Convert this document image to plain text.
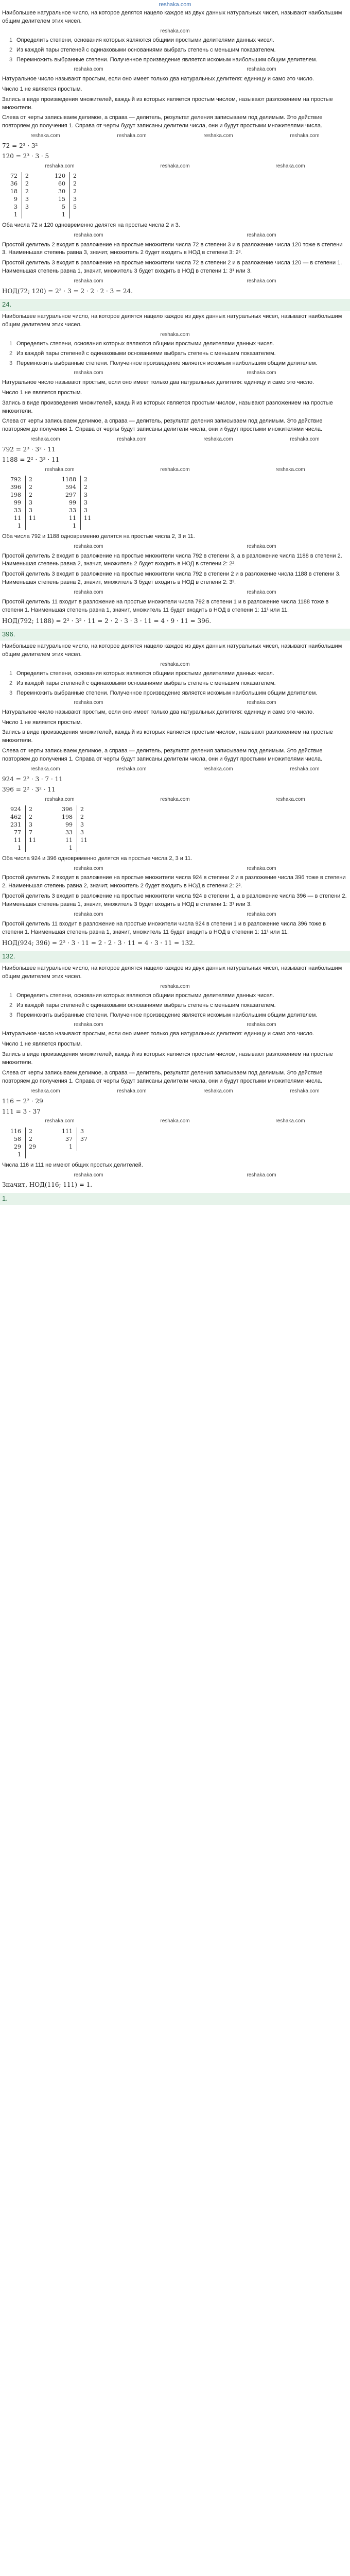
reshaka.com

Наибольшее натуральное число, на которое делятся нацело каждое из двух данных натуральных чисел, называют наибольшим общим делителем этих чисел.

reshaka.com
1 Определить степени, основания которых являются общими простыми делителями данных чисел.
2 Из каждой пары степеней с одинаковыми основаниями выбрать степень с меньшим показателем.
3 Перемножить выбранные степени. Полученное произведение является искомым наибольшим общим делителем.
reshaka.com	reshaka.com

Натуральное число называют простым, если оно имеет только два натуральных делителя: единицу и само это число.

Число 1 не является простым.

Запись в виде произведения множителей, каждый из которых является простым числом, называют разложением на простые множители.

Слева от черты записываем делимое, а справа — делитель, результат деления записываем под делимым. Это действие повторяем до получения 1. Справа от черты будут записаны делители числа, они и будут простыми множителями числа.

reshaka.com	reshaka.com	reshaka.com	reshaka.com
72 = 2³ · 3²
120 = 2³ · 3 · 5
reshaka.com	reshaka.com	reshaka.com
72	2		120	2
36	2		60	2
18	2		30	2
9	3		15	3
3	3		5	5
1			1	

Оба числа 72 и 120 одновременно делятся на простые числа 2 и 3.

reshaka.com	reshaka.com

Простой делитель 2 входит в разложение на простые множители числа 72 в степени 3 и в разложение числа 120 тоже в степени 3. Наименьшая степень равна 3, значит, множитель 2 будет входить в НОД в степени 3: 2³.

Простой делитель 3 входит в разложение на простые множители числа 72 в степени 2 и в разложение числа 120 — в степени 1. Наименьшая степень равна 1, значит, множитель 3 будет входить в НОД в степени 1: 3¹ или 3.

reshaka.com	reshaka.com
НОД(72; 120) = 2³ · 3 = 2 · 2 · 2 · 3 = 24.
24.

Наибольшее натуральное число, на которое делятся нацело каждое из двух данных натуральных чисел, называют наибольшим общим делителем этих чисел.

reshaka.com
1 Определить степени, основания которых являются общими простыми делителями данных чисел.
2 Из каждой пары степеней с одинаковыми основаниями выбрать степень с меньшим показателем.
3 Перемножить выбранные степени. Полученное произведение является искомым наибольшим общим делителем.
reshaka.com	reshaka.com

Натуральное число называют простым, если оно имеет только два натуральных делителя: единицу и само это число.

Число 1 не является простым.

Запись в виде произведения множителей, каждый из которых является простым числом, называют разложением на простые множители.

Слева от черты записываем делимое, а справа — делитель, результат деления записываем под делимым. Это действие повторяем до получения 1. Справа от черты будут записаны делители числа, они и будут простыми множителями числа.

reshaka.com	reshaka.com	reshaka.com	reshaka.com
792 = 2³ · 3² · 11
1188 = 2² · 3³ · 11
reshaka.com	reshaka.com	reshaka.com
792	2		1188	2
396	2		594	2
198	2		297	3
99	3		99	3
33	3		33	3
11	11		11	11
1			1	

Оба числа 792 и 1188 одновременно делятся на простые числа 2, 3 и 11.

reshaka.com	reshaka.com

Простой делитель 2 входит в разложение на простые множители числа 792 в степени 3, а в разложение числа 1188 в степени 2. Наименьшая степень равна 2, значит, множитель 2 будет входить в НОД в степени 2: 2².

Простой делитель 3 входит в разложение на простые множители числа 792 в степени 2 и в разложение числа 1188 в степени 3. Наименьшая степень равна 2, значит, множитель 3 будет входить в НОД в степени 2: 3².

reshaka.com	reshaka.com

Простой делитель 11 входит в разложение на простые множители числа 792 в степени 1 и в разложение числа 1188 тоже в степени 1. Наименьшая степень равна 1, значит, множитель 11 будет входить в НОД в степени 1: 11¹ или 11.

НОД(792; 1188) = 2² · 3² · 11 = 2 · 2 · 3 · 3 · 11 = 4 · 9 · 11 = 396.
396.

Наибольшее натуральное число, на которое делятся нацело каждое из двух данных натуральных чисел, называют наибольшим общим делителем этих чисел.

reshaka.com
1 Определить степени, основания которых являются общими простыми делителями данных чисел.
2 Из каждой пары степеней с одинаковыми основаниями выбрать степень с меньшим показателем.
3 Перемножить выбранные степени. Полученное произведение является искомым наибольшим общим делителем.
reshaka.com	reshaka.com

Натуральное число называют простым, если оно имеет только два натуральных делителя: единицу и само это число.

Число 1 не является простым.

Запись в виде произведения множителей, каждый из которых является простым числом, называют разложением на простые множители.

Слева от черты записываем делимое, а справа — делитель, результат деления записываем под делимым. Это действие повторяем до получения 1. Справа от черты будут записаны делители числа, они и будут простыми множителями числа.

reshaka.com	reshaka.com	reshaka.com	reshaka.com
924 = 2² · 3 · 7 · 11
396 = 2² · 3² · 11
reshaka.com	reshaka.com	reshaka.com
924	2		396	2
462	2		198	2
231	3		99	3
77	7		33	3
11	11		11	11
1			1	

Оба числа 924 и 396 одновременно делятся на простые числа 2, 3 и 11.

reshaka.com	reshaka.com

Простой делитель 2 входит в разложение на простые множители числа 924 в степени 2 и в разложение числа 396 тоже в степени 2. Наименьшая степень равна 2, значит, множитель 2 будет входить в НОД в степени 2: 2².

Простой делитель 3 входит в разложение на простые множители числа 924 в степени 1, а в разложение числа 396 — в степени 2. Наименьшая степень равна 1, значит, множитель 3 будет входить в НОД в степени 1: 3¹ или 3.

reshaka.com	reshaka.com

Простой делитель 11 входит в разложение на простые множители числа 924 в степени 1 и в разложение числа 396 тоже в степени 1. Наименьшая степень равна 1, значит, множитель 11 будет входить в НОД в степени 1: 11¹ или 11.

НОД(924; 396) = 2² · 3 · 11 = 2 · 2 · 3 · 11 = 4 · 3 · 11 = 132.
132.

Наибольшее натуральное число, на которое делятся нацело каждое из двух данных натуральных чисел, называют наибольшим общим делителем этих чисел.

reshaka.com
1 Определить степени, основания которых являются общими простыми делителями данных чисел.
2 Из каждой пары степеней с одинаковыми основаниями выбрать степень с меньшим показателем.
3 Перемножить выбранные степени. Полученное произведение является искомым наибольшим общим делителем.
reshaka.com	reshaka.com

Натуральное число называют простым, если оно имеет только два натуральных делителя: единицу и само это число.

Число 1 не является простым.

Запись в виде произведения множителей, каждый из которых является простым числом, называют разложением на простые множители.

Слева от черты записываем делимое, а справа — делитель, результат деления записываем под делимым. Это действие повторяем до получения 1. Справа от черты будут записаны делители числа, они и будут простыми множителями числа.

reshaka.com	reshaka.com	reshaka.com	reshaka.com
116 = 2² · 29
111 = 3 · 37
reshaka.com	reshaka.com	reshaka.com
116	2		111	3
58	2		37	37
29	29		1	
1				

Числа 116 и 111 не имеют общих простых делителей.

reshaka.com	reshaka.com
Значит, НОД(116; 111) = 1.
1.
